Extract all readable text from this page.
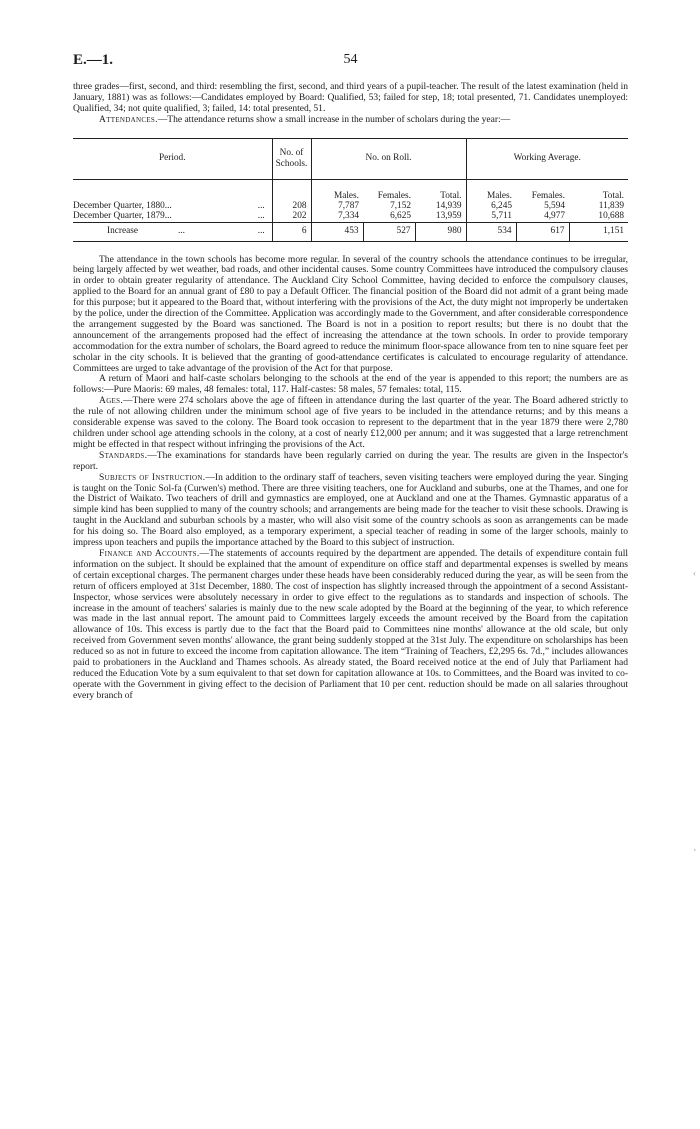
E.—1.	54

three grades—first, second, and third: resembling the first, second, and third years of a pupil-teacher. The result of the latest examination (held in January, 1881) was as follows:—Candidates employed by Board: Qualified, 53; failed for step, 18; total presented, 71. Candidates unemployed: Qualified, 34; not quite qualified, 3; failed, 14: total presented, 51.

Attendances.—The attendance returns show a small increase in the number of scholars during the year:—

Period.		No. of Schools.	No. on Roll.			Working Average.		
			Males.	Females.	Total.	Males.	Females.	Total.
December Quarter, 1880...	...	208	7,787	7,152	14,939	6,245	5,594	11,839
December Quarter, 1879...	...	202	7,334	6,625	13,959	5,711	4,977	10,688
Increase ...	...	6	453	527	980	534	617	1,151

The attendance in the town schools has become more regular. In several of the country schools the attendance continues to be irregular, being largely affected by wet weather, bad roads, and other incidental causes. Some country Committees have introduced the compulsory clauses in order to obtain greater regularity of attendance. The Auckland City School Committee, having decided to enforce the compulsory clauses, applied to the Board for an annual grant of £80 to pay a Default Officer. The financial position of the Board did not admit of a grant being made for this purpose; but it appeared to the Board that, without interfering with the provisions of the Act, the duty might not improperly be undertaken by the police, under the direction of the Committee. Application was accordingly made to the Government, and after considerable correspondence the arrangement suggested by the Board was sanctioned. The Board is not in a position to report results; but there is no doubt that the announcement of the arrangements proposed had the effect of increasing the attendance at the town schools. In order to provide temporary accommodation for the extra number of scholars, the Board agreed to reduce the minimum floor-space allowance from ten to nine square feet per scholar in the city schools. It is believed that the granting of good-attendance certificates is calculated to encourage regularity of attendance. Committees are urged to take advantage of the provision of the Act for that purpose.

A return of Maori and half-caste scholars belonging to the schools at the end of the year is appended to this report; the numbers are as follows:—Pure Maoris: 69 males, 48 females: total, 117. Half-castes: 58 males, 57 females: total, 115.

Ages.—There were 274 scholars above the age of fifteen in attendance during the last quarter of the year. The Board adhered strictly to the rule of not allowing children under the minimum school age of five years to be included in the attendance returns; and by this means a considerable expense was saved to the colony. The Board took occasion to represent to the department that in the year 1879 there were 2,780 children under school age attending schools in the colony, at a cost of nearly £12,000 per annum; and it was suggested that a large retrenchment might be effected in that respect without infringing the provisions of the Act.

Standards.—The examinations for standards have been regularly carried on during the year. The results are given in the Inspector's report.

Subjects of Instruction.—In addition to the ordinary staff of teachers, seven visiting teachers were employed during the year. Singing is taught on the Tonic Sol-fa (Curwen's) method. There are three visiting teachers, one for Auckland and suburbs, one at the Thames, and one for the District of Waikato. Two teachers of drill and gymnastics are employed, one at Auckland and one at the Thames. Gymnastic apparatus of a simple kind has been supplied to many of the country schools; and arrangements are being made for the teacher to visit these schools. Drawing is taught in the Auckland and suburban schools by a master, who will also visit some of the country schools as soon as arrangements can be made for his doing so. The Board also employed, as a temporary experiment, a special teacher of reading in some of the larger schools, mainly to impress upon teachers and pupils the importance attached by the Board to this subject of instruction.

Finance and Accounts.—The statements of accounts required by the department are appended. The details of expenditure contain full information on the subject. It should be explained that the amount of expenditure on office staff and departmental expenses is swelled by means of certain exceptional charges. The permanent charges under these heads have been considerably reduced during the year, as will be seen from the return of officers employed at 31st December, 1880. The cost of inspection has slightly increased through the appointment of a second Assistant-Inspector, whose services were absolutely necessary in order to give effect to the regulations as to standards and inspection of schools. The increase in the amount of teachers' salaries is mainly due to the new scale adopted by the Board at the beginning of the year, to which reference was made in the last annual report. The amount paid to Committees largely exceeds the amount received by the Board from the capitation allowance of 10s. This excess is partly due to the fact that the Board paid to Committees nine months' allowance at the old scale, but only received from Government seven months' allowance, the grant being suddenly stopped at the 31st July. The expenditure on scholarships has been reduced so as not in future to exceed the income from capitation allowance. The item “Training of Teachers, £2,295 6s. 7d.,” includes allowances paid to probationers in the Auckland and Thames schools. As already stated, the Board received notice at the end of July that Parliament had reduced the Education Vote by a sum equivalent to that set down for capitation allowance at 10s. to Committees, and the Board was invited to co-operate with the Government in giving effect to the decision of Parliament that 10 per cent. reduction should be made on all salaries throughout every branch of

‹
,
